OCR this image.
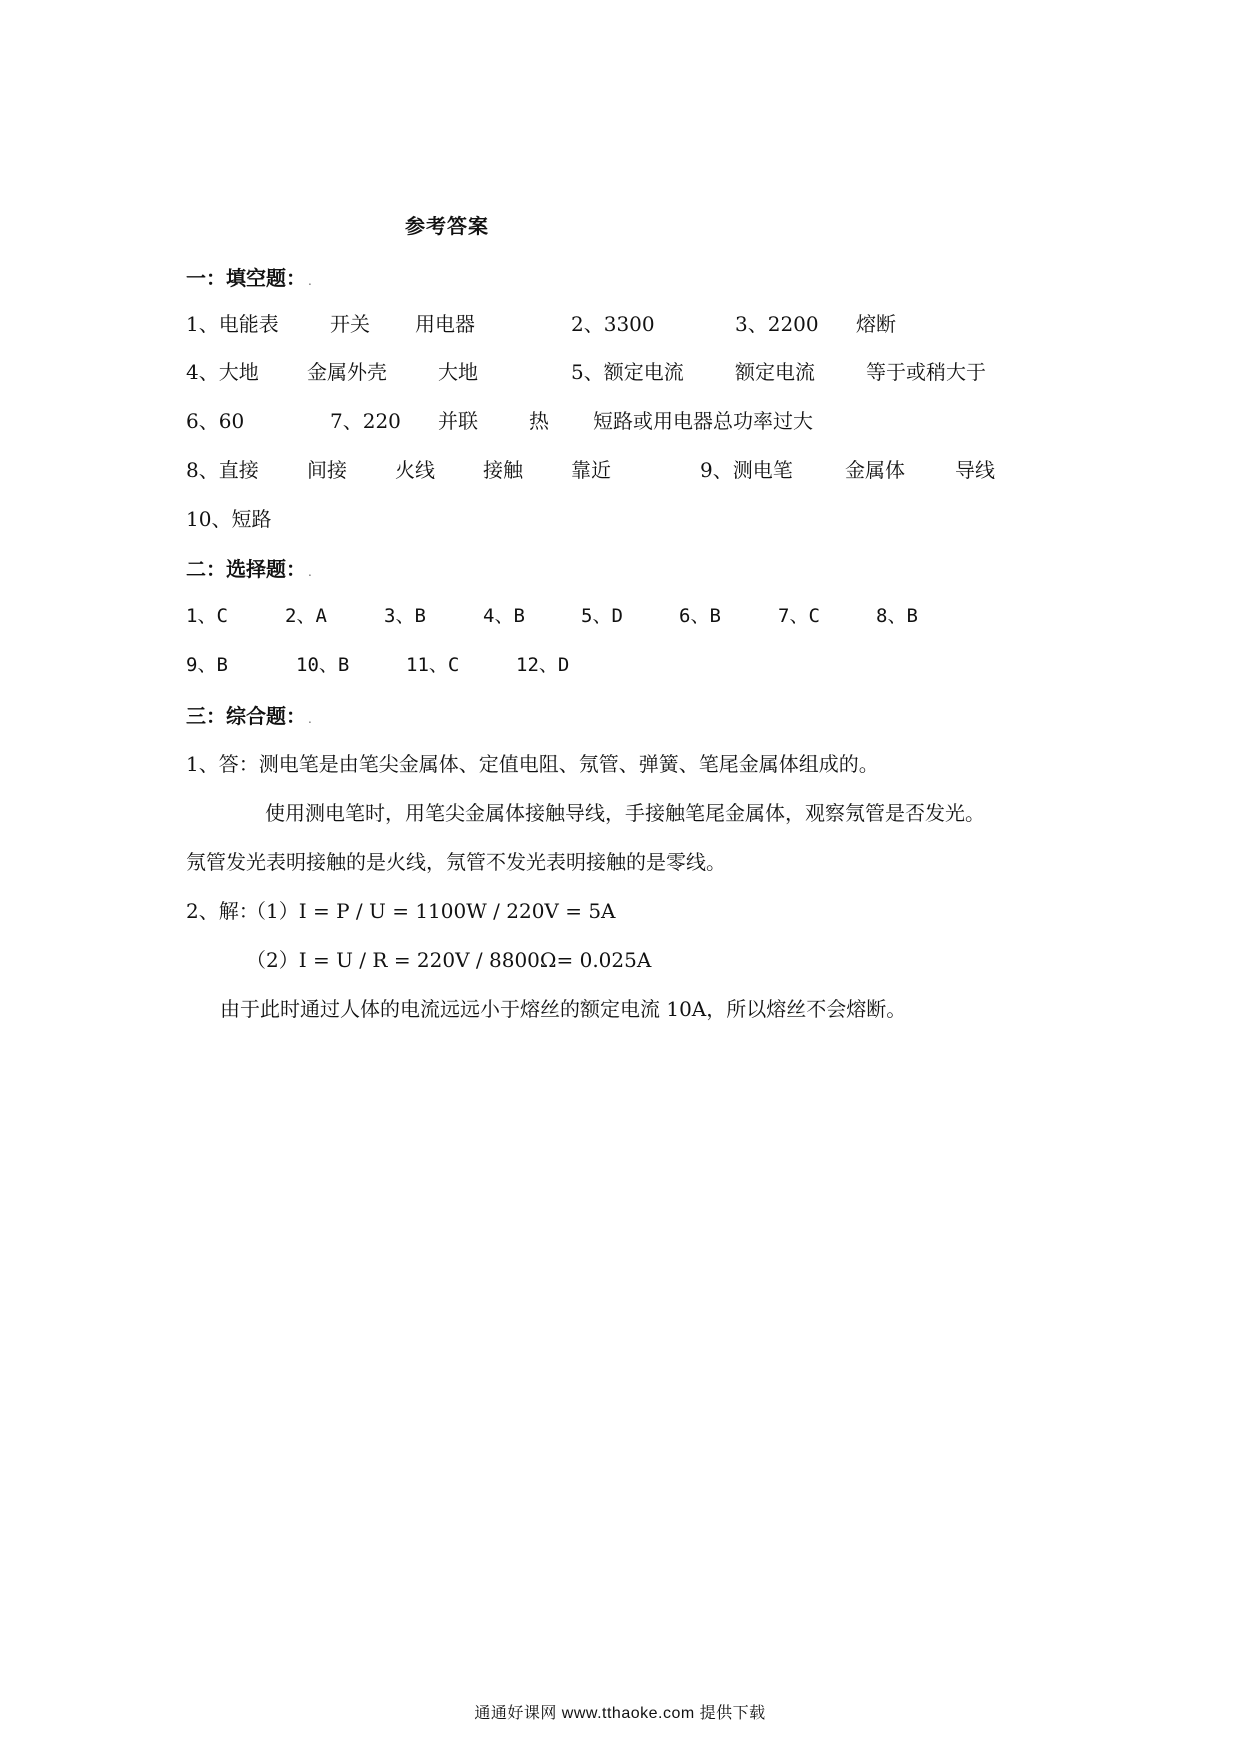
参考答案
一：填空题： .
1、电能表	开关 用电器	2、3300	3、2200 熔断
4、大地 金属外壳	大地	5、额定电流	额定电流	等于或稍大于
6、60	7、220 并联	热 短路或用电器总功率过大
8、直接 间接 火线 接触 靠近	9、测电笔	金属体	导线
10、短路
二：选择题： .
1、C	2、A	3、B	4、B	5、D	6、B	7、C	8、B
9、B	10、B	11、C	12、D
三：综合题： .
1、答：测电笔是由笔尖金属体、定值电阻、氖管、弹簧、笔尾金属体组成的。
使用测电笔时，用笔尖金属体接触导线，手接触笔尾金属体，观察氖管是否发光。
氖管发光表明接触的是火线，氖管不发光表明接触的是零线。
2、解：
（1）I = P / U = 1100W / 220V = 5A
（2）I = U / R = 220V / 8800Ω= 0.025A
由于此时通过人体的电流远远小于熔丝的额定电流 10A，所以熔丝不会熔断。
通通好课网 www.tthaoke.com 提供下载
